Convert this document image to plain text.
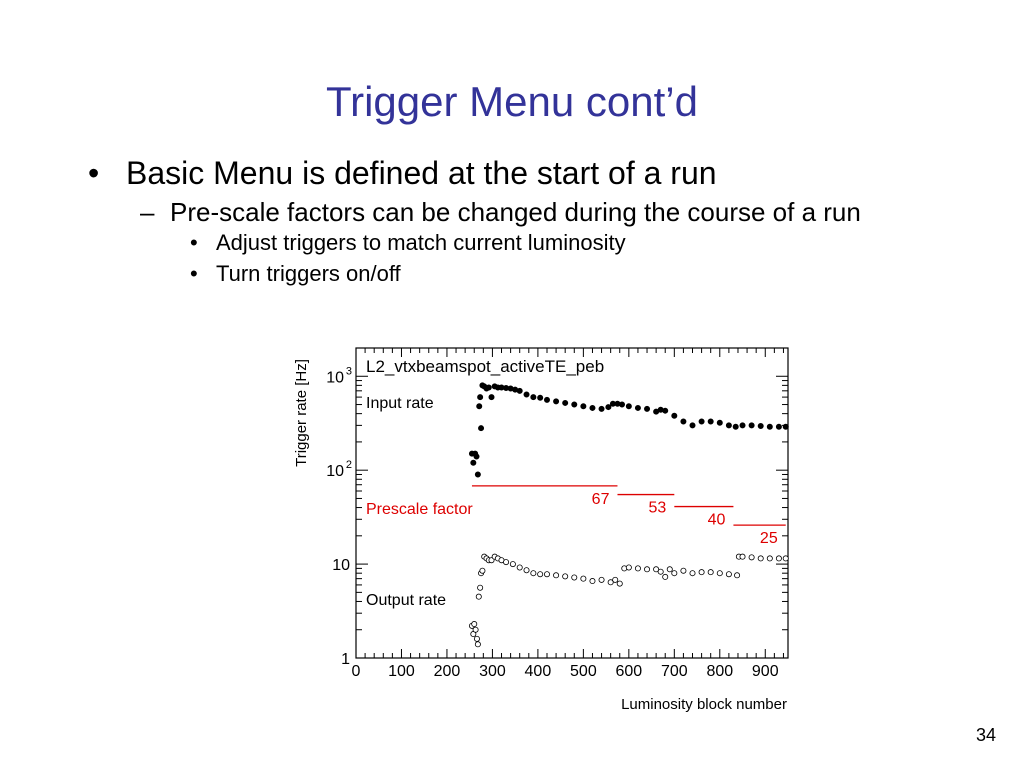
Trigger Menu cont’d
• Basic Menu is defined at the start of a run
– Pre-scale factors can be changed during the course of a run
• Adjust triggers to match current luminosity
• Turn triggers on/off
L2_vtxbeamspot_activeTE_peb
Input rate
Output rate
Prescale factor
Luminosity block number
Trigger rate [Hz]
0 100 200 300 400 500 600 700 800 900
1
10
10 2
10 3
67
53
40
25
34
